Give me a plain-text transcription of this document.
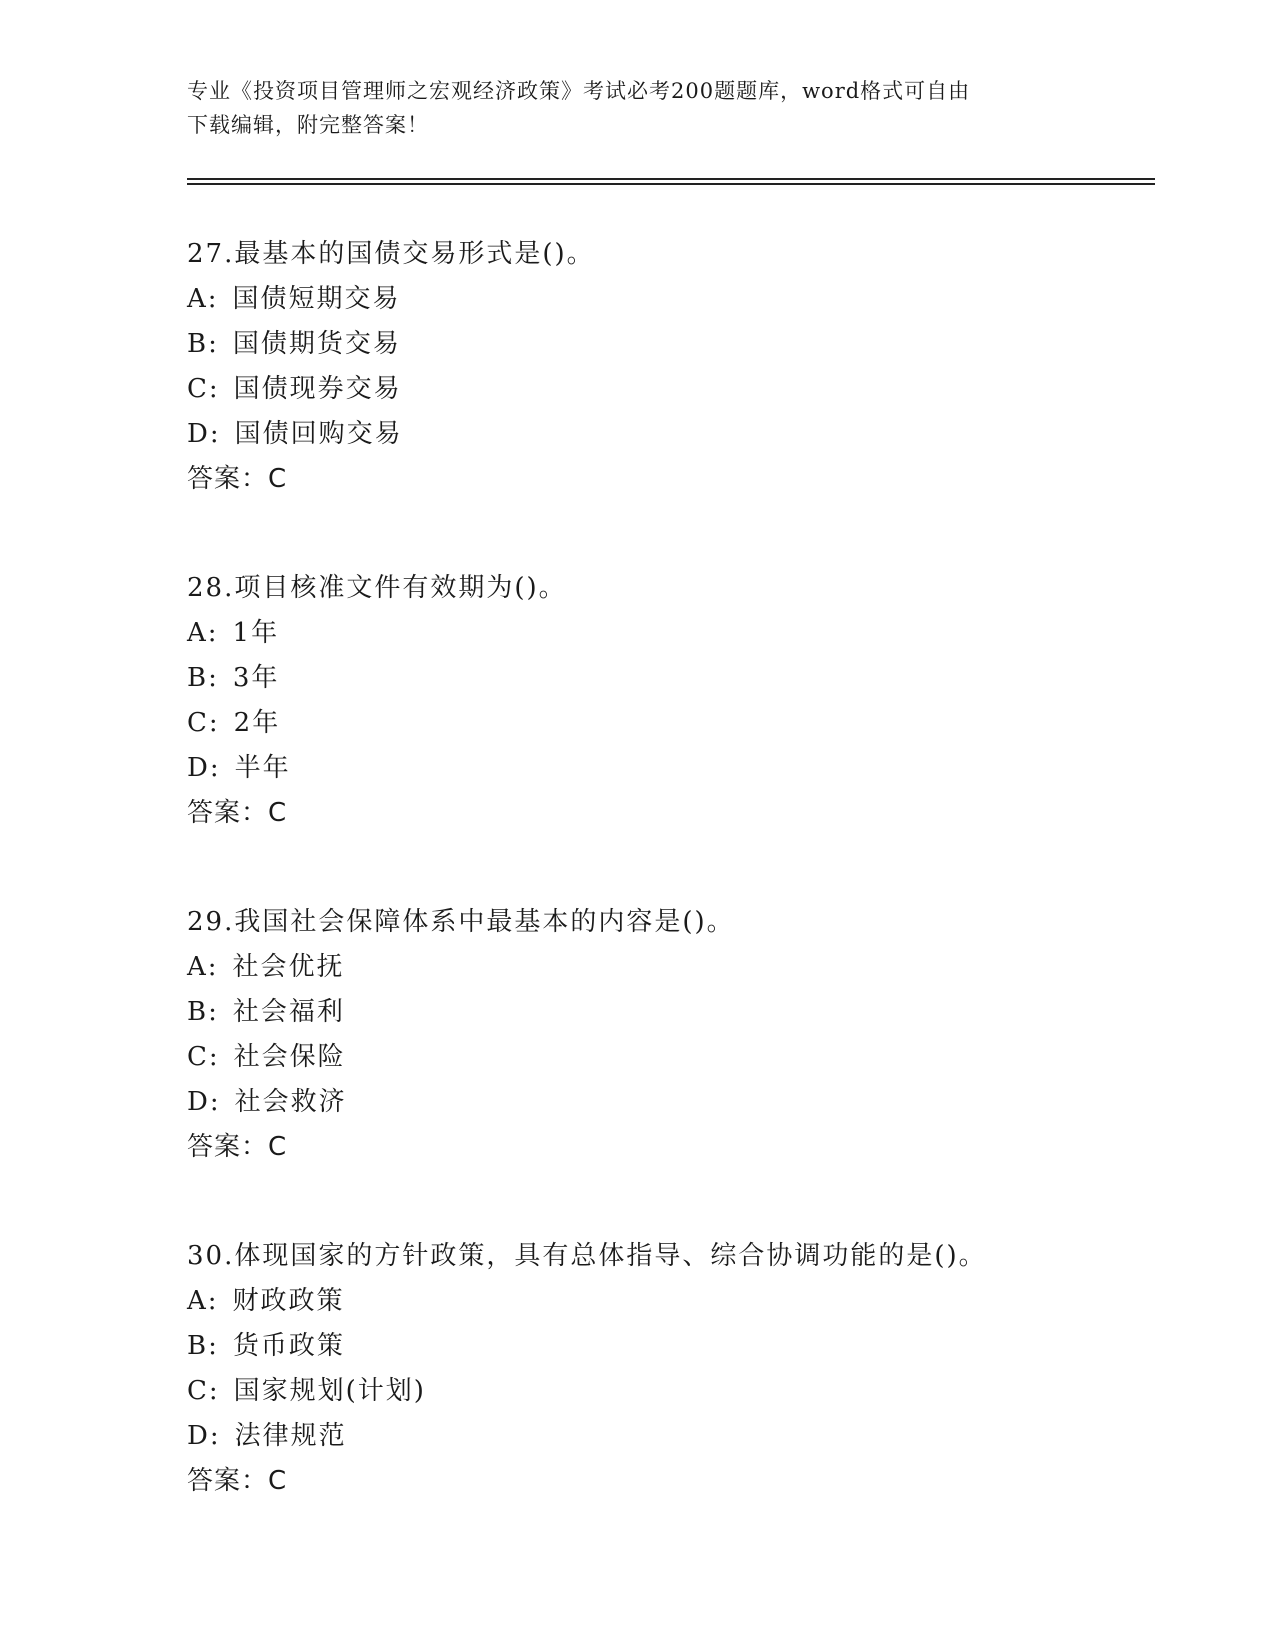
专业《投资项目管理师之宏观经济政策》考试必考200题题库，word格式可自由
下载编辑，附完整答案！
27.最基本的国债交易形式是()。
A: 国债短期交易
B: 国债期货交易
C: 国债现券交易
D: 国债回购交易
答案：C
28.项目核准文件有效期为()。
A: 1年
B: 3年
C: 2年
D: 半年
答案：C
29.我国社会保障体系中最基本的内容是()。
A: 社会优抚
B: 社会福利
C: 社会保险
D: 社会救济
答案：C
30.体现国家的方针政策，具有总体指导、综合协调功能的是()。
A: 财政政策
B: 货币政策
C: 国家规划(计划)
D: 法律规范
答案：C
